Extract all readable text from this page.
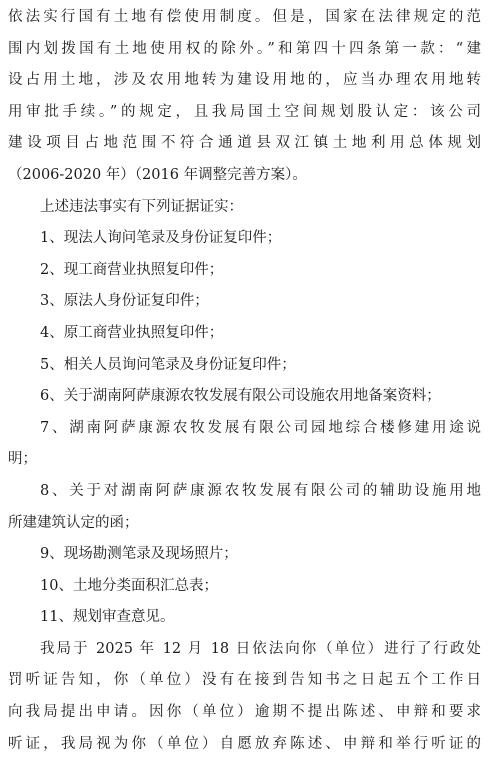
依法实行国有土地有偿使用制度。但是，国家在法律规定的范
围内划拨国有土地使用权的除外。”和第四十四条第一款：“建
设占用土地，涉及农用地转为建设用地的，应当办理农用地转
用审批手续。”的规定，且我局国土空间规划股认定：该公司
建设项目占地范围不符合通道县双江镇土地利用总体规划
（2006-2020 年）（2016 年调整完善方案）。
上述违法事实有下列证据证实：
1、现法人询问笔录及身份证复印件；
2、现工商营业执照复印件；
3、原法人身份证复印件；
4、原工商营业执照复印件；
5、相关人员询问笔录及身份证复印件；
6、关于湖南阿萨康源农牧发展有限公司设施农用地备案资料；
7、湖南阿萨康源农牧发展有限公司园地综合楼修建用途说
明；
8、关于对湖南阿萨康源农牧发展有限公司的辅助设施用地
所建建筑认定的函；
9、现场勘测笔录及现场照片；
10、土地分类面积汇总表；
11、规划审查意见。
我局于 2025 年 12 月 18 日依法向你（单位）进行了行政处
罚听证告知，你（单位）没有在接到告知书之日起五个工作日
向我局提出申请。因你（单位）逾期不提出陈述、申辩和要求
听证，我局视为你（单位）自愿放弃陈述、申辩和举行听证的
